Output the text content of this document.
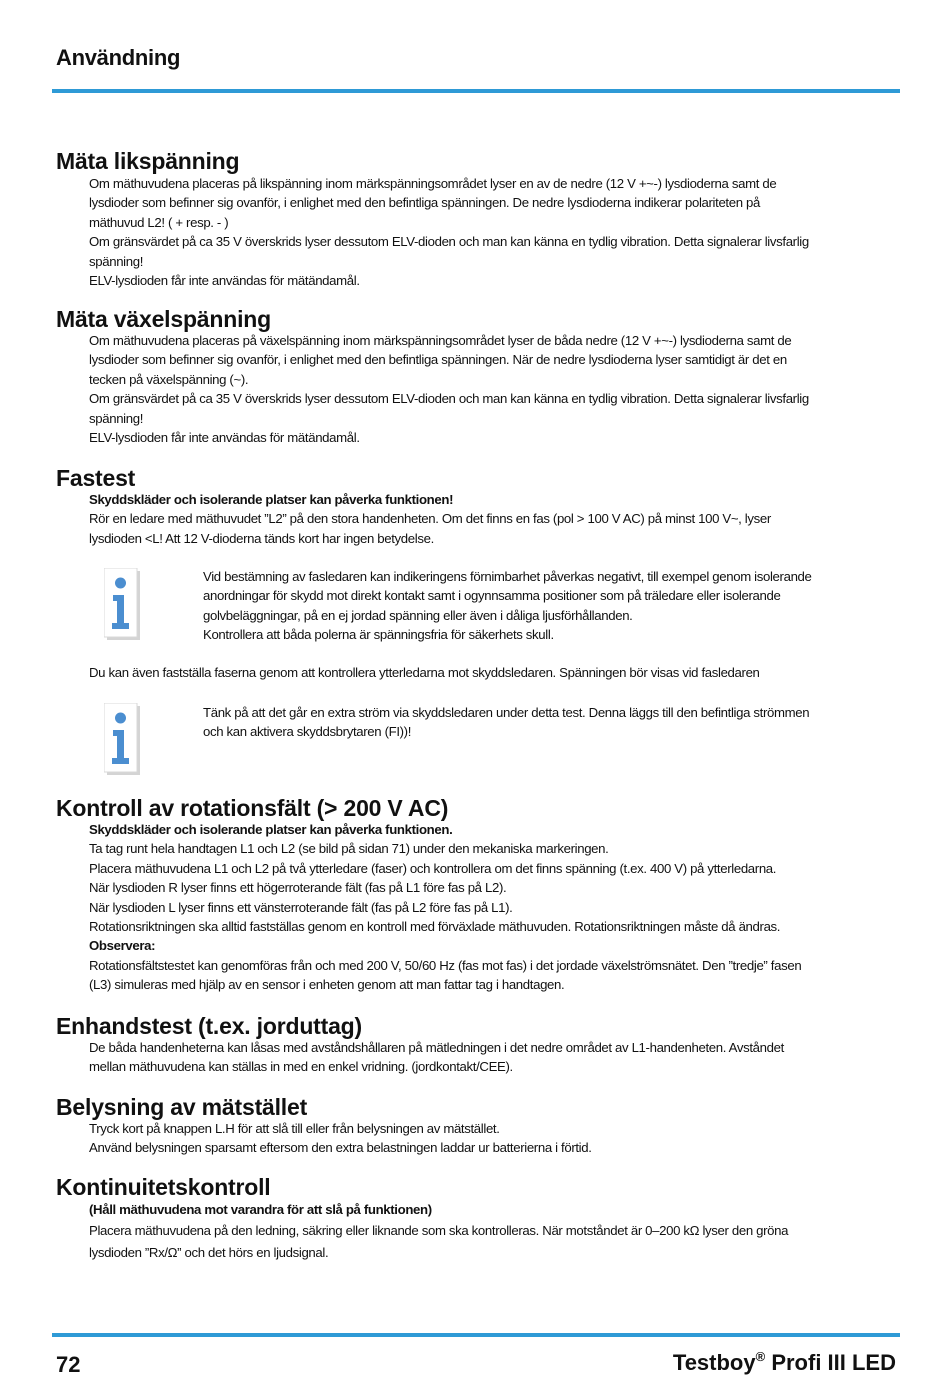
Användning
Mäta likspänning

Om mäthuvudena placeras på likspänning inom märkspänningsområdet lyser en av de nedre (12 V +~-) lysdioderna samt de

lysdioder som befinner sig ovanför, i enlighet med den befintliga spänningen. De nedre lysdioderna indikerar polariteten på

mäthuvud L2! ( + resp. - )

Om gränsvärdet på ca 35 V överskrids lyser dessutom ELV-dioden och man kan känna en tydlig vibration. Detta signalerar livsfarlig

spänning!

ELV-lysdioden får inte användas för mätändamål.

Mäta växelspänning

Om mäthuvudena placeras på växelspänning inom märkspänningsområdet lyser de båda nedre (12 V +~-) lysdioderna samt de

lysdioder som befinner sig ovanför, i enlighet med den befintliga spänningen. När de nedre lysdioderna lyser samtidigt är det en

tecken på växelspänning (~).

Om gränsvärdet på ca 35 V överskrids lyser dessutom ELV-dioden och man kan känna en tydlig vibration. Detta signalerar livsfarlig

spänning!

ELV-lysdioden får inte användas för mätändamål.

Fastest

Skyddskläder och isolerande platser kan påverka funktionen!

Rör en ledare med mäthuvudet ”L2” på den stora handenheten. Om det finns en fas (pol > 100 V AC) på minst 100 V~, lyser

lysdioden <L! Att 12 V-dioderna tänds kort har ingen betydelse.

Vid bestämning av fasledaren kan indikeringens förnimbarhet påverkas negativt, till exempel genom isolerande

anordningar för skydd mot direkt kontakt samt i ogynnsamma positioner som på träledare eller isolerande

golvbeläggningar, på en ej jordad spänning eller även i dåliga ljusförhållanden.

Kontrollera att båda polerna är spänningsfria för säkerhets skull.

Du kan även fastställa faserna genom att kontrollera ytterledarna mot skyddsledaren. Spänningen bör visas vid fasledaren

Tänk på att det går en extra ström via skyddsledaren under detta test. Denna läggs till den befintliga strömmen

och kan aktivera skyddsbrytaren (FI))!

Kontroll av rotationsfält (> 200 V AC)

Skyddskläder och isolerande platser kan påverka funktionen.

Ta tag runt hela handtagen L1 och L2 (se bild på sidan 71) under den mekaniska markeringen.

Placera mäthuvudena L1 och L2 på två ytterledare (faser) och kontrollera om det finns spänning (t.ex. 400 V) på ytterledarna.

När lysdioden R lyser finns ett högerroterande fält (fas på L1 före fas på L2).

När lysdioden L lyser finns ett vänsterroterande fält (fas på L2 före fas på L1).

Rotationsriktningen ska alltid fastställas genom en kontroll med förväxlade mäthuvuden. Rotationsriktningen måste då ändras.

Observera:

Rotationsfältstestet kan genomföras från och med 200 V, 50/60 Hz (fas mot fas) i det jordade växelströmsnätet. Den ”tredje” fasen

(L3) simuleras med hjälp av en sensor i enheten genom att man fattar tag i handtagen.

Enhandstest (t.ex. jorduttag)

De båda handenheterna kan låsas med avståndshållaren på mätledningen i det nedre området av L1-handenheten. Avståndet

mellan mäthuvudena kan ställas in med en enkel vridning. (jordkontakt/CEE).

Belysning av mätstället

Tryck kort på knappen L.H för att slå till eller från belysningen av mätstället.

Använd belysningen sparsamt eftersom den extra belastningen laddar ur batterierna i förtid.

Kontinuitetskontroll

(Håll mäthuvudena mot varandra för att slå på funktionen)

Placera mäthuvudena på den ledning, säkring eller liknande som ska kontrolleras. När motståndet är 0–200 kΩ lyser den gröna

lysdioden ”Rx/Ω” och det hörs en ljudsignal.

72	Testboy® Profi III LED
